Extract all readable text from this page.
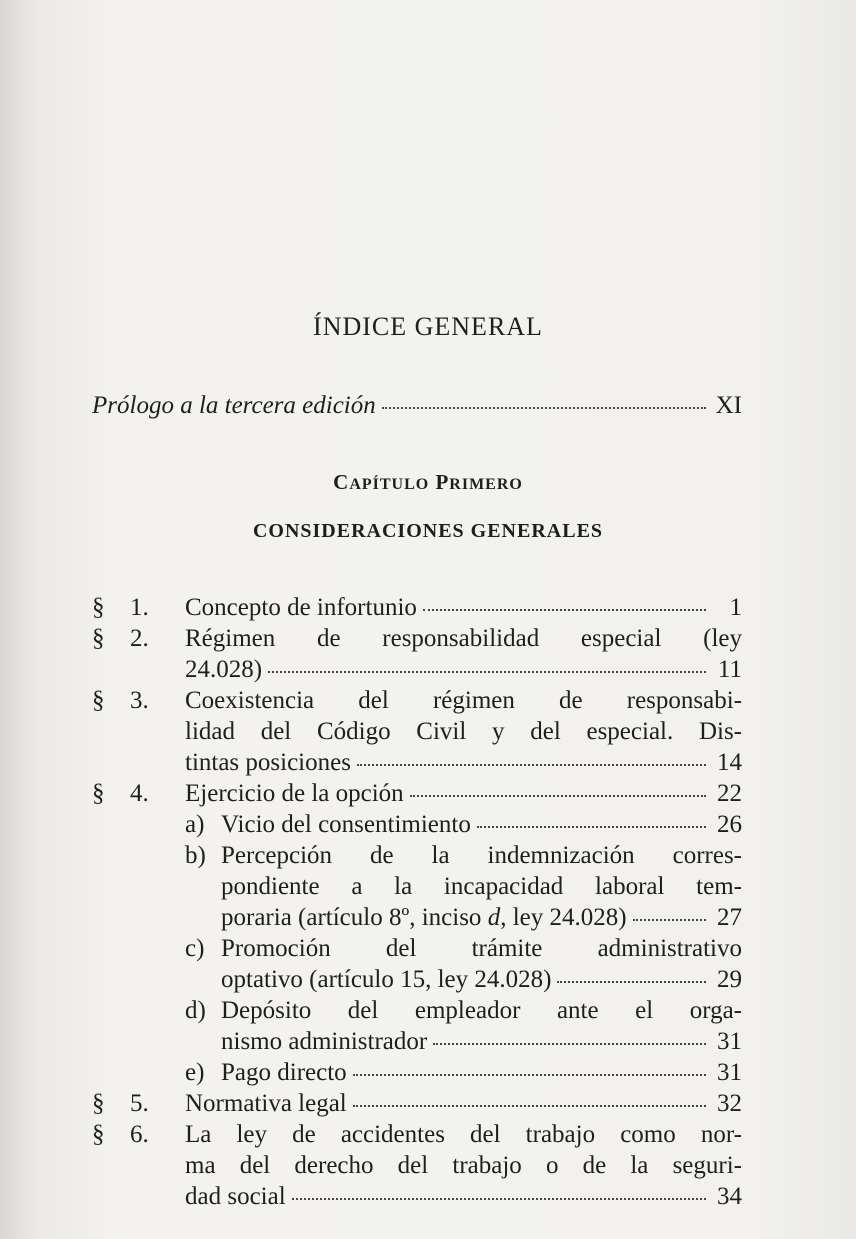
ÍNDICE GENERAL
Prólogo a la tercera edición	XI
CAPÍTULO PRIMERO
CONSIDERACIONES GENERALES
§ 1. Concepto de infortunio	1
§ 2. Régimen de responsabilidad especial (ley
24.028)	11
§ 3. Coexistencia del régimen de responsabi-
lidad del Código Civil y del especial. Dis-
tintas posiciones	14
§ 4. Ejercicio de la opción	22
a) Vicio del consentimiento	26
b) Percepción de la indemnización corres-
pondiente a la incapacidad laboral tem-
poraria (artículo 8º, inciso d, ley 24.028)	27
c) Promoción del trámite administrativo
optativo (artículo 15, ley 24.028)	29
d) Depósito del empleador ante el orga-
nismo administrador	31
e) Pago directo	31
§ 5. Normativa legal	32
§ 6. La ley de accidentes del trabajo como nor-
ma del derecho del trabajo o de la seguri-
dad social	34
